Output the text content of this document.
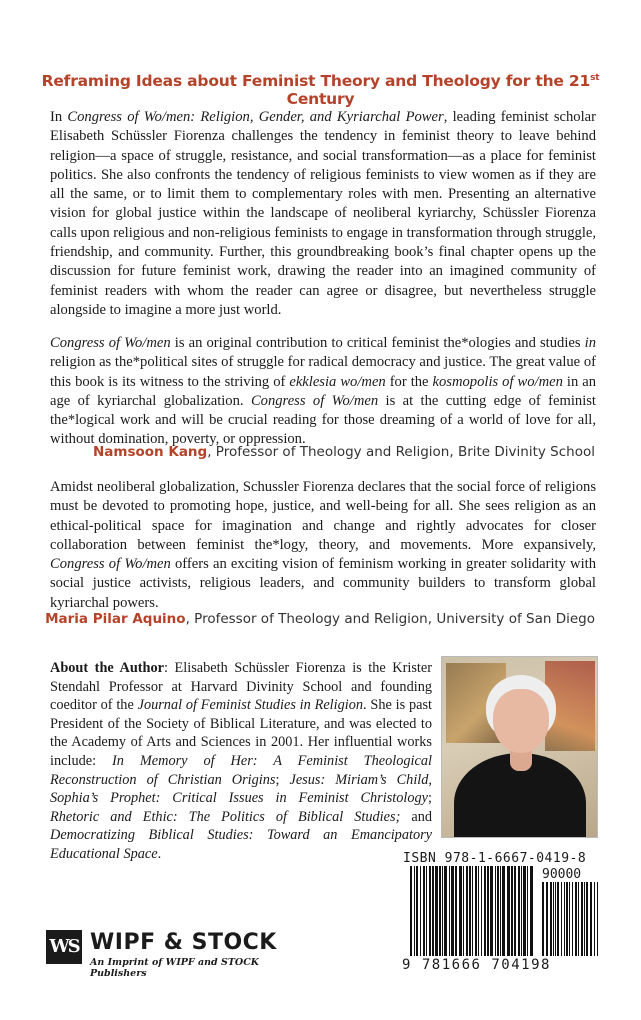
Reframing Ideas about Feminist Theory and Theology for the 21st Century

In Congress of Wo/men: Religion, Gender, and Kyriarchal Power, leading feminist scholar Elisabeth Schüssler Fiorenza challenges the tendency in feminist theory to leave behind religion—a space of struggle, resistance, and social transformation—as a place for feminist politics. She also confronts the tendency of religious feminists to view women as if they are all the same, or to limit them to complementary roles with men. Presenting an alternative vision for global justice within the landscape of neoliberal kyriarchy, Schüssler Fiorenza calls upon religious and non-religious feminists to engage in transformation through struggle, friendship, and community. Further, this groundbreaking book’s final chapter opens up the discussion for future feminist work, drawing the reader into an imagined community of feminist readers with whom the reader can agree or disagree, but nevertheless struggle alongside to imagine a more just world.

Congress of Wo/men is an original contribution to critical feminist the*ologies and studies in religion as the*political sites of struggle for radical democracy and justice. The great value of this book is its witness to the striving of ekklesia wo/men for the kosmopolis of wo/men in an age of kyriarchal globalization. Congress of Wo/men is at the cutting edge of feminist the*logical work and will be crucial reading for those dreaming of a world of love for all, without domination, poverty, or oppression.

Namsoon Kang, Professor of Theology and Religion, Brite Divinity School

Amidst neoliberal globalization, Schussler Fiorenza declares that the social force of religions must be devoted to promoting hope, justice, and well-being for all. She sees religion as an ethical-political space for imagination and change and rightly advocates for closer collaboration between feminist the*logy, theory, and movements. More expansively, Congress of Wo/men offers an exciting vision of feminism working in greater solidarity with social justice activists, religious leaders, and community builders to transform global kyriarchal powers.

Maria Pilar Aquino, Professor of Theology and Religion, University of San Diego

About the Author: Elisabeth Schüssler Fiorenza is the Krister Stendahl Professor at Harvard Divinity School and founding coeditor of the Journal of Feminist Studies in Religion. She is past President of the Society of Biblical Literature, and was elected to the Academy of Arts and Sciences in 2001. Her influential works include: In Memory of Her: A Feminist Theological Reconstruction of Christian Origins; Jesus: Miriam’s Child, Sophia’s Prophet: Critical Issues in Feminist Christology; Rhetoric and Ethic: The Politics of Biblical Studies; and Democratizing Biblical Studies: Toward an Emancipatory Educational Space.	ISBN 978-1-6667-0419-8
90000
9 781666 704198
WS WIPF & STOCK
An Imprint of WIPF and STOCK Publishers
